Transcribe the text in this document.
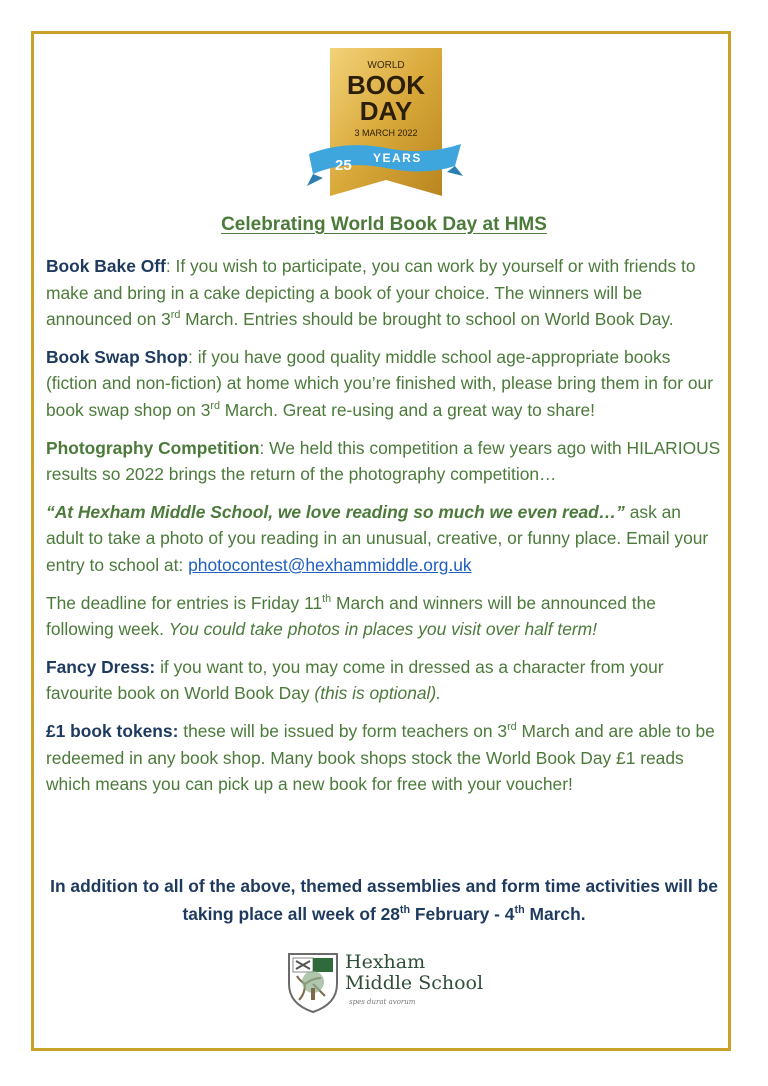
WORLD
BOOK
DAY
3 MARCH 2022
25 YEARS
Celebrating World Book Day at HMS

Book Bake Off: If you wish to participate, you can work by yourself or with friends to make and bring in a cake depicting a book of your choice. The winners will be announced on 3rd March. Entries should be brought to school on World Book Day.

Book Swap Shop: if you have good quality middle school age-appropriate books (fiction and non-fiction) at home which you’re finished with, please bring them in for our book swap shop on 3rd March. Great re-using and a great way to share!

Photography Competition: We held this competition a few years ago with HILARIOUS results so 2022 brings the return of the photography competition…

“At Hexham Middle School, we love reading so much we even read…” ask an adult to take a photo of you reading in an unusual, creative, or funny place. Email your entry to school at: photocontest@hexhammiddle.org.uk

The deadline for entries is Friday 11th March and winners will be announced the following week. You could take photos in places you visit over half term!

Fancy Dress: if you want to, you may come in dressed as a character from your favourite book on World Book Day (this is optional).

£1 book tokens: these will be issued by form teachers on 3rd March and are able to be redeemed in any book shop. Many book shops stock the World Book Day £1 reads which means you can pick up a new book for free with your voucher!

In addition to all of the above, themed assemblies and form time activities will be taking place all week of 28th February - 4th March.
Hexham
Middle School
spes durat avorum
